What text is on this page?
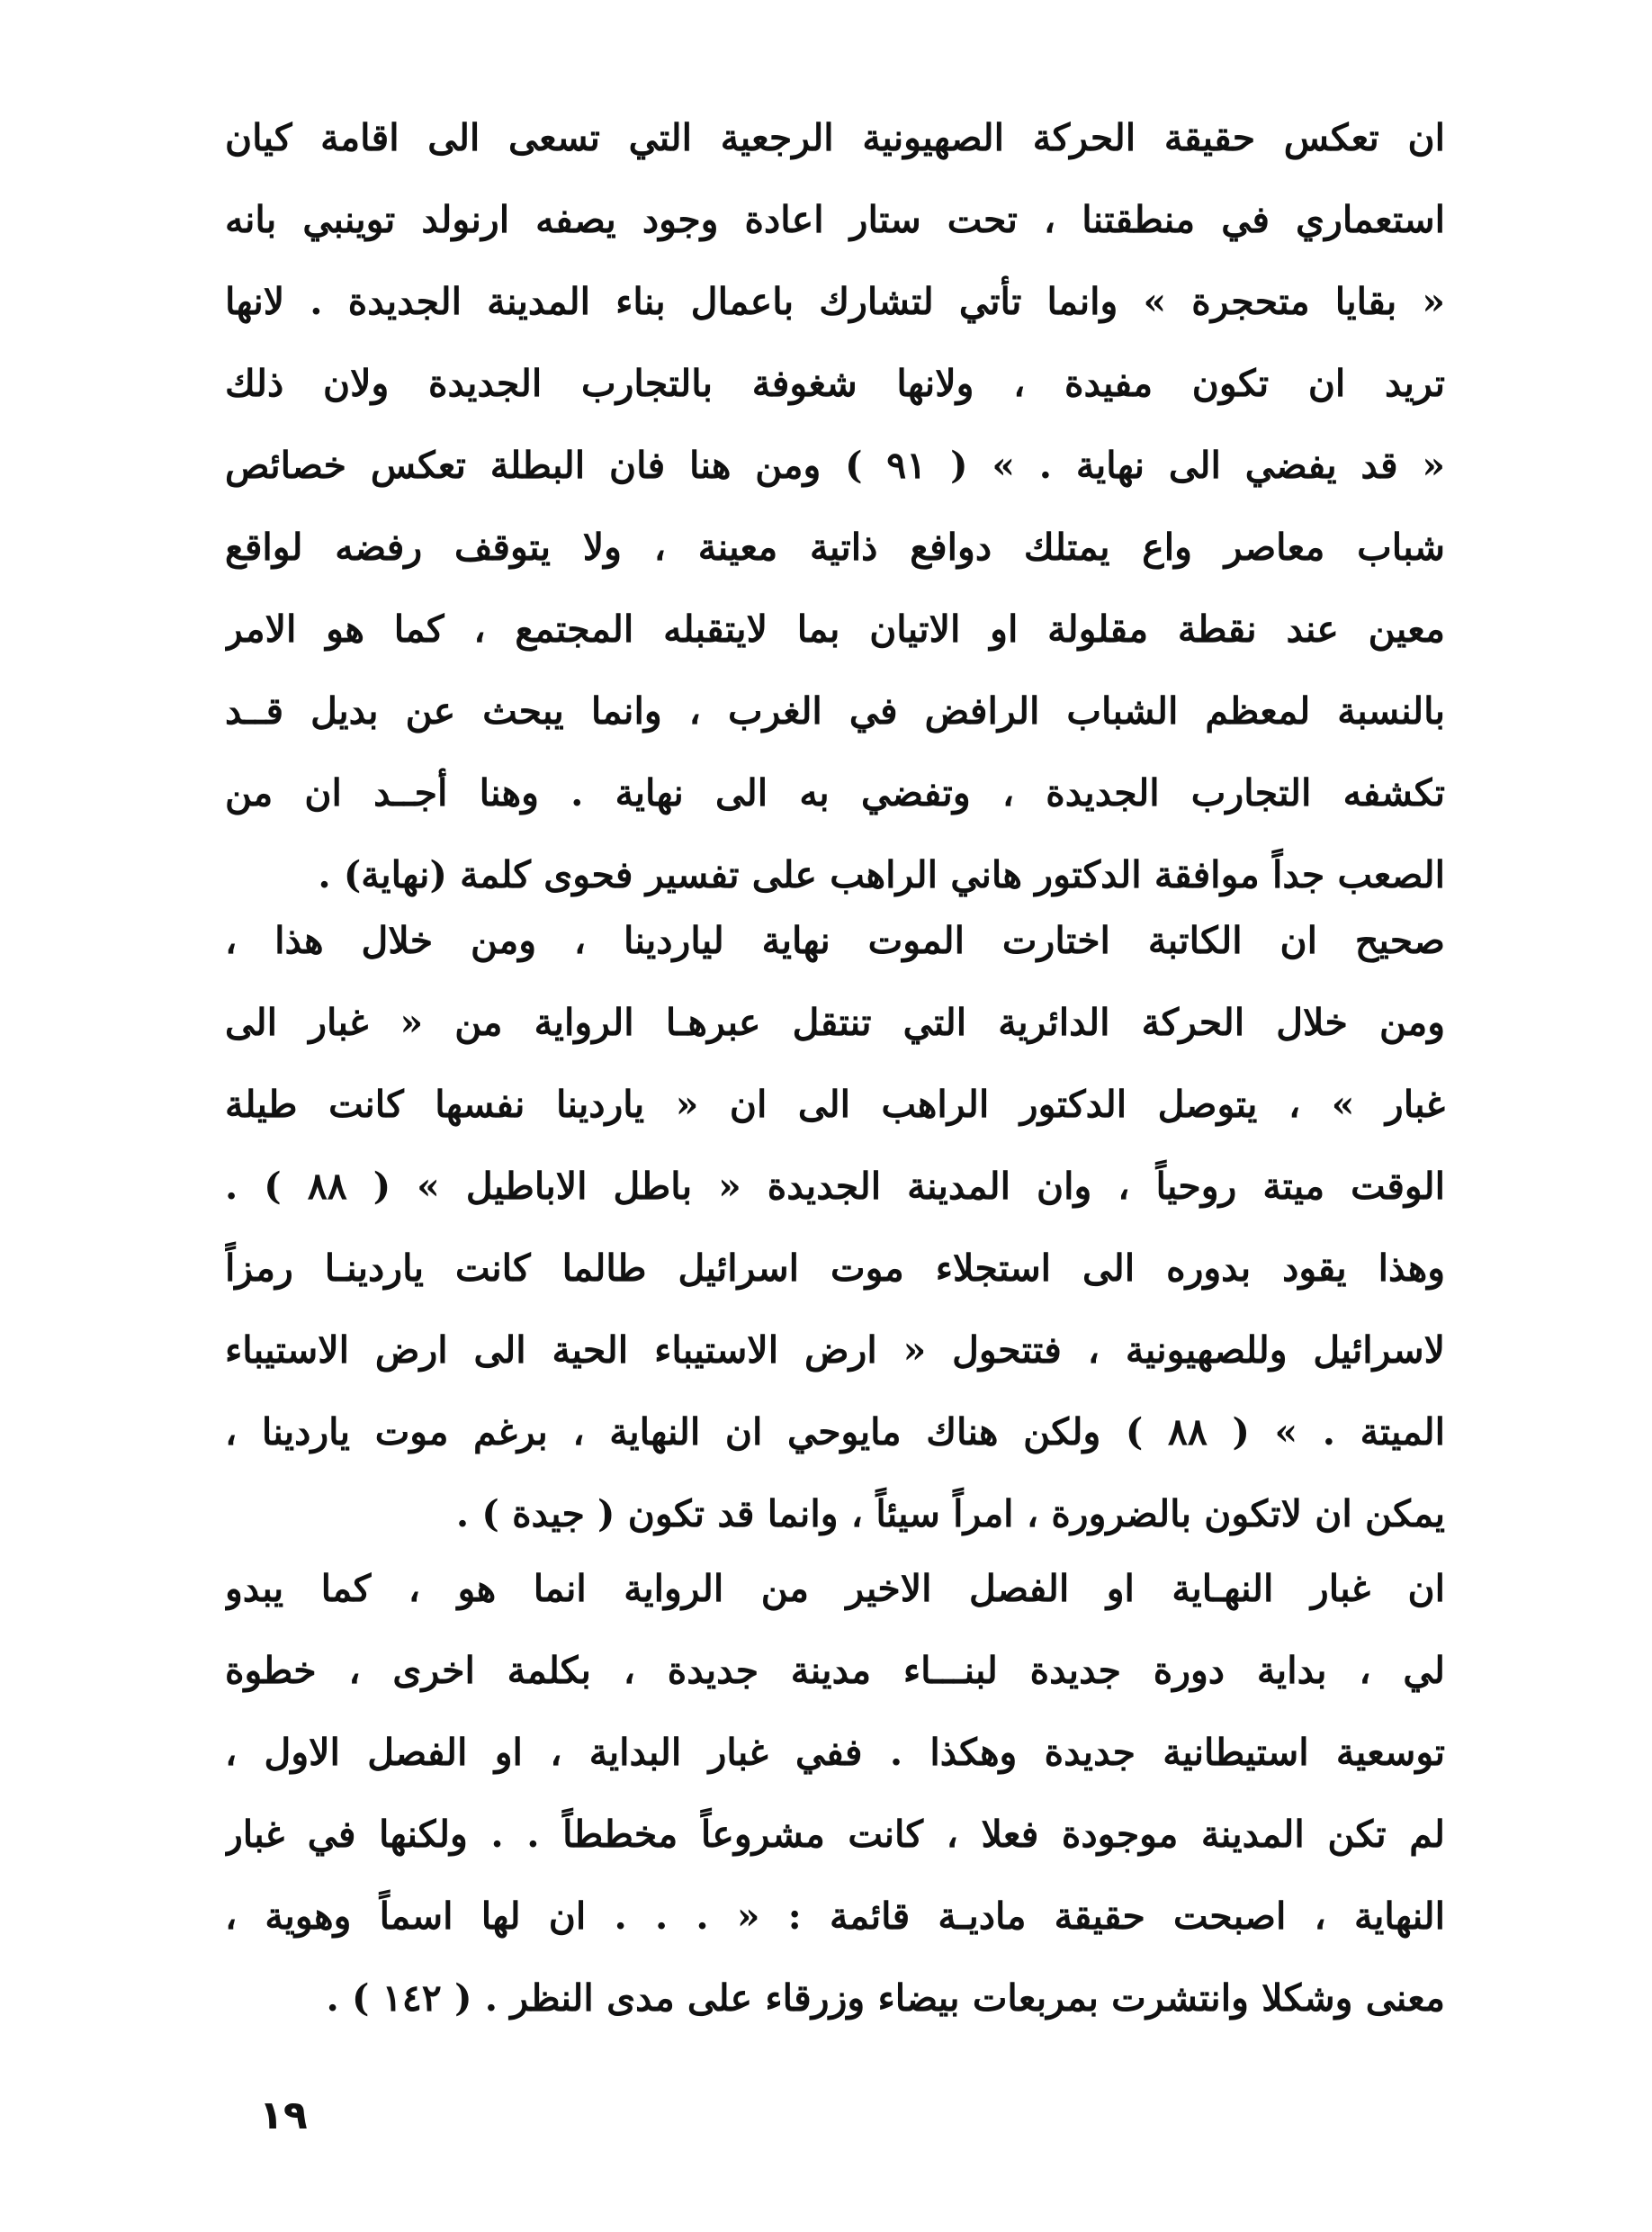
ان تعكس حقيقة الحركة الصهيونية الرجعية التي تسعى الى اقامة كيان
استعماري في منطقتنا ، تحت ستار اعادة وجود يصفه ارنولد توينبي بانه
« بقايا متحجرة » وانما تأتي لتشارك باعمال بناء المدينة الجديدة . لانها
تريد ان تكون مفيدة ، ولانها شغوفة بالتجارب الجديدة ولان ذلك
« قد يفضي الى نهاية . » ( ٩١ ) ومن هنا فان البطلة تعكس خصائص
شباب معاصر واع يمتلك دوافع ذاتية معينة ، ولا يتوقف رفضه لواقع
معين عند نقطة مقلولة او الاتيان بما لايتقبله المجتمع ، كما هو الامر
بالنسبة لمعظم الشباب الرافض في الغرب ، وانما يبحث عن بديل قــد
تكشفه التجارب الجديدة ، وتفضي به الى نهاية . وهنا أجــد ان من
الصعب جداً موافقة الدكتور هاني الراهب على تفسير فحوى كلمة (نهاية) .
صحيح ان الكاتبة اختارت الموت نهاية لياردينا ، ومن خلال هذا ،
ومن خلال الحركة الدائرية التي تنتقل عبرهـا الرواية من « غبار الى
غبار » ، يتوصل الدكتور الراهب الى ان « ياردينا نفسها كانت طيلة
الوقت ميتة روحياً ، وان المدينة الجديدة « باطل الاباطيل » ( ٨٨ ) .
وهذا يقود بدوره الى استجلاء موت اسرائيل طالما كانت ياردينـا رمزاً
لاسرائيل وللصهيونية ، فتتحول « ارض الاستيباء الحية الى ارض الاستيباء
الميتة . » ( ٨٨ ) ولكن هناك مايوحي ان النهاية ، برغم موت ياردينا ،
يمكن ان لاتكون بالضرورة ، امراً سيئاً ، وانما قد تكون ( جيدة ) .
ان غبار النهـاية او الفصل الاخير من الرواية انما هو ، كما يبدو
لي ، بداية دورة جديدة لبنـــاء مدينة جديدة ، بكلمة اخرى ، خطوة
توسعية استيطانية جديدة وهكذا . ففي غبار البداية ، او الفصل الاول ،
لم تكن المدينة موجودة فعلا ، كانت مشروعاً مخططاً . . ولكنها في غبار
النهاية ، اصبحت حقيقة ماديـة قائمة : « . . . ان لها اسماً وهوية ،
معنى وشكلا وانتشرت بمربعات بيضاء وزرقاء على مدى النظر . ( ١٤٢ ) .
١٩
